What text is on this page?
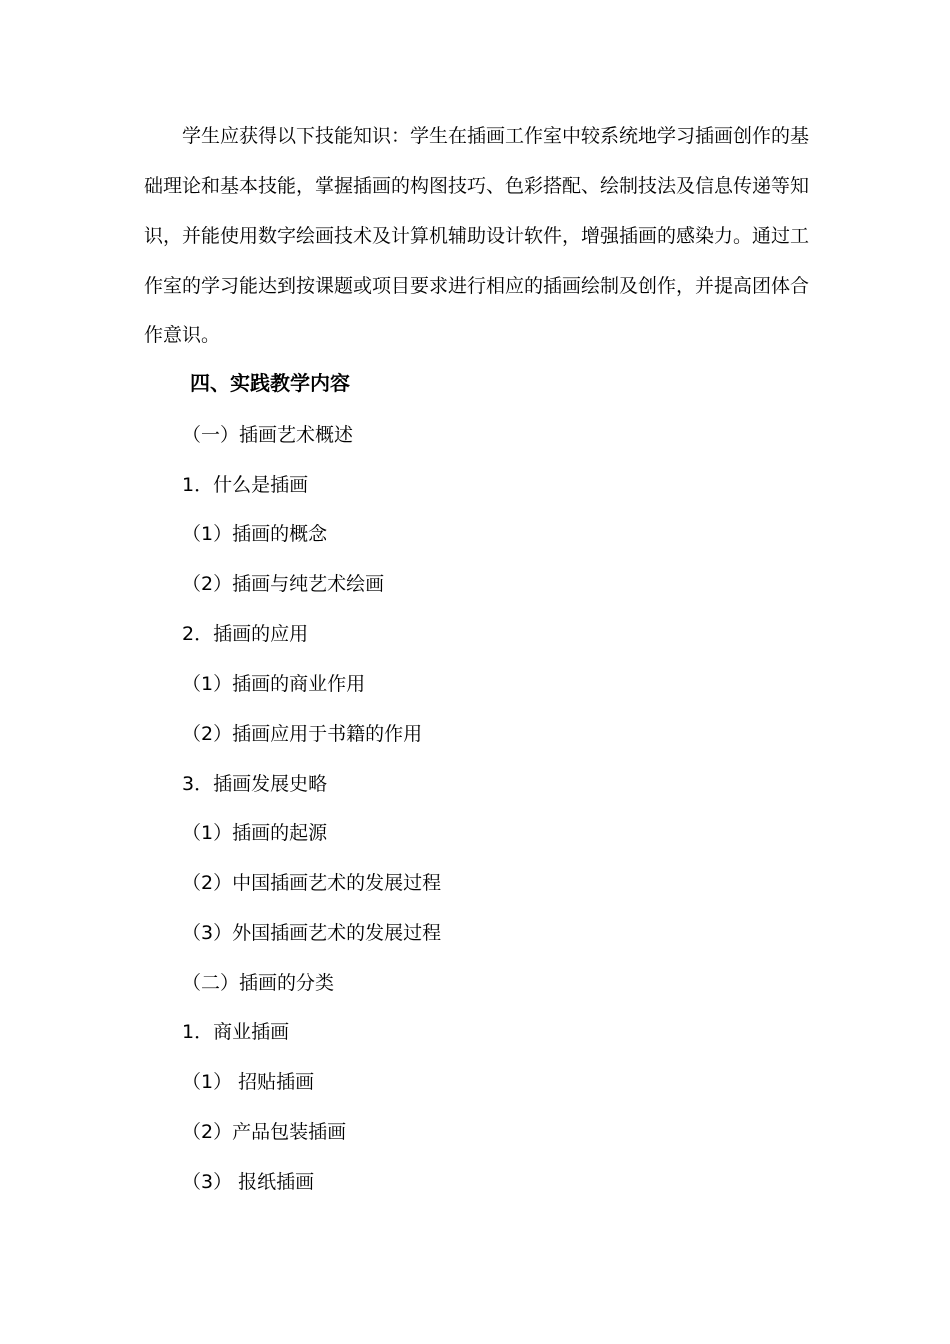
学生应获得以下技能知识：学生在插画工作室中较系统地学习插画创作的基
础理论和基本技能，掌握插画的构图技巧、色彩搭配、绘制技法及信息传递等知
识，并能使用数字绘画技术及计算机辅助设计软件，增强插画的感染力。通过工
作室的学习能达到按课题或项目要求进行相应的插画绘制及创作，并提高团体合
作意识。
四、实践教学内容
（一）插画艺术概述
1．什么是插画
（1）插画的概念
（2）插画与纯艺术绘画
2．插画的应用
（1）插画的商业作用
（2）插画应用于书籍的作用
3．插画发展史略
（1）插画的起源
（2）中国插画艺术的发展过程
（3）外国插画艺术的发展过程
（二）插画的分类
1．商业插画
（1） 招贴插画
（2）产品包装插画
（3） 报纸插画
